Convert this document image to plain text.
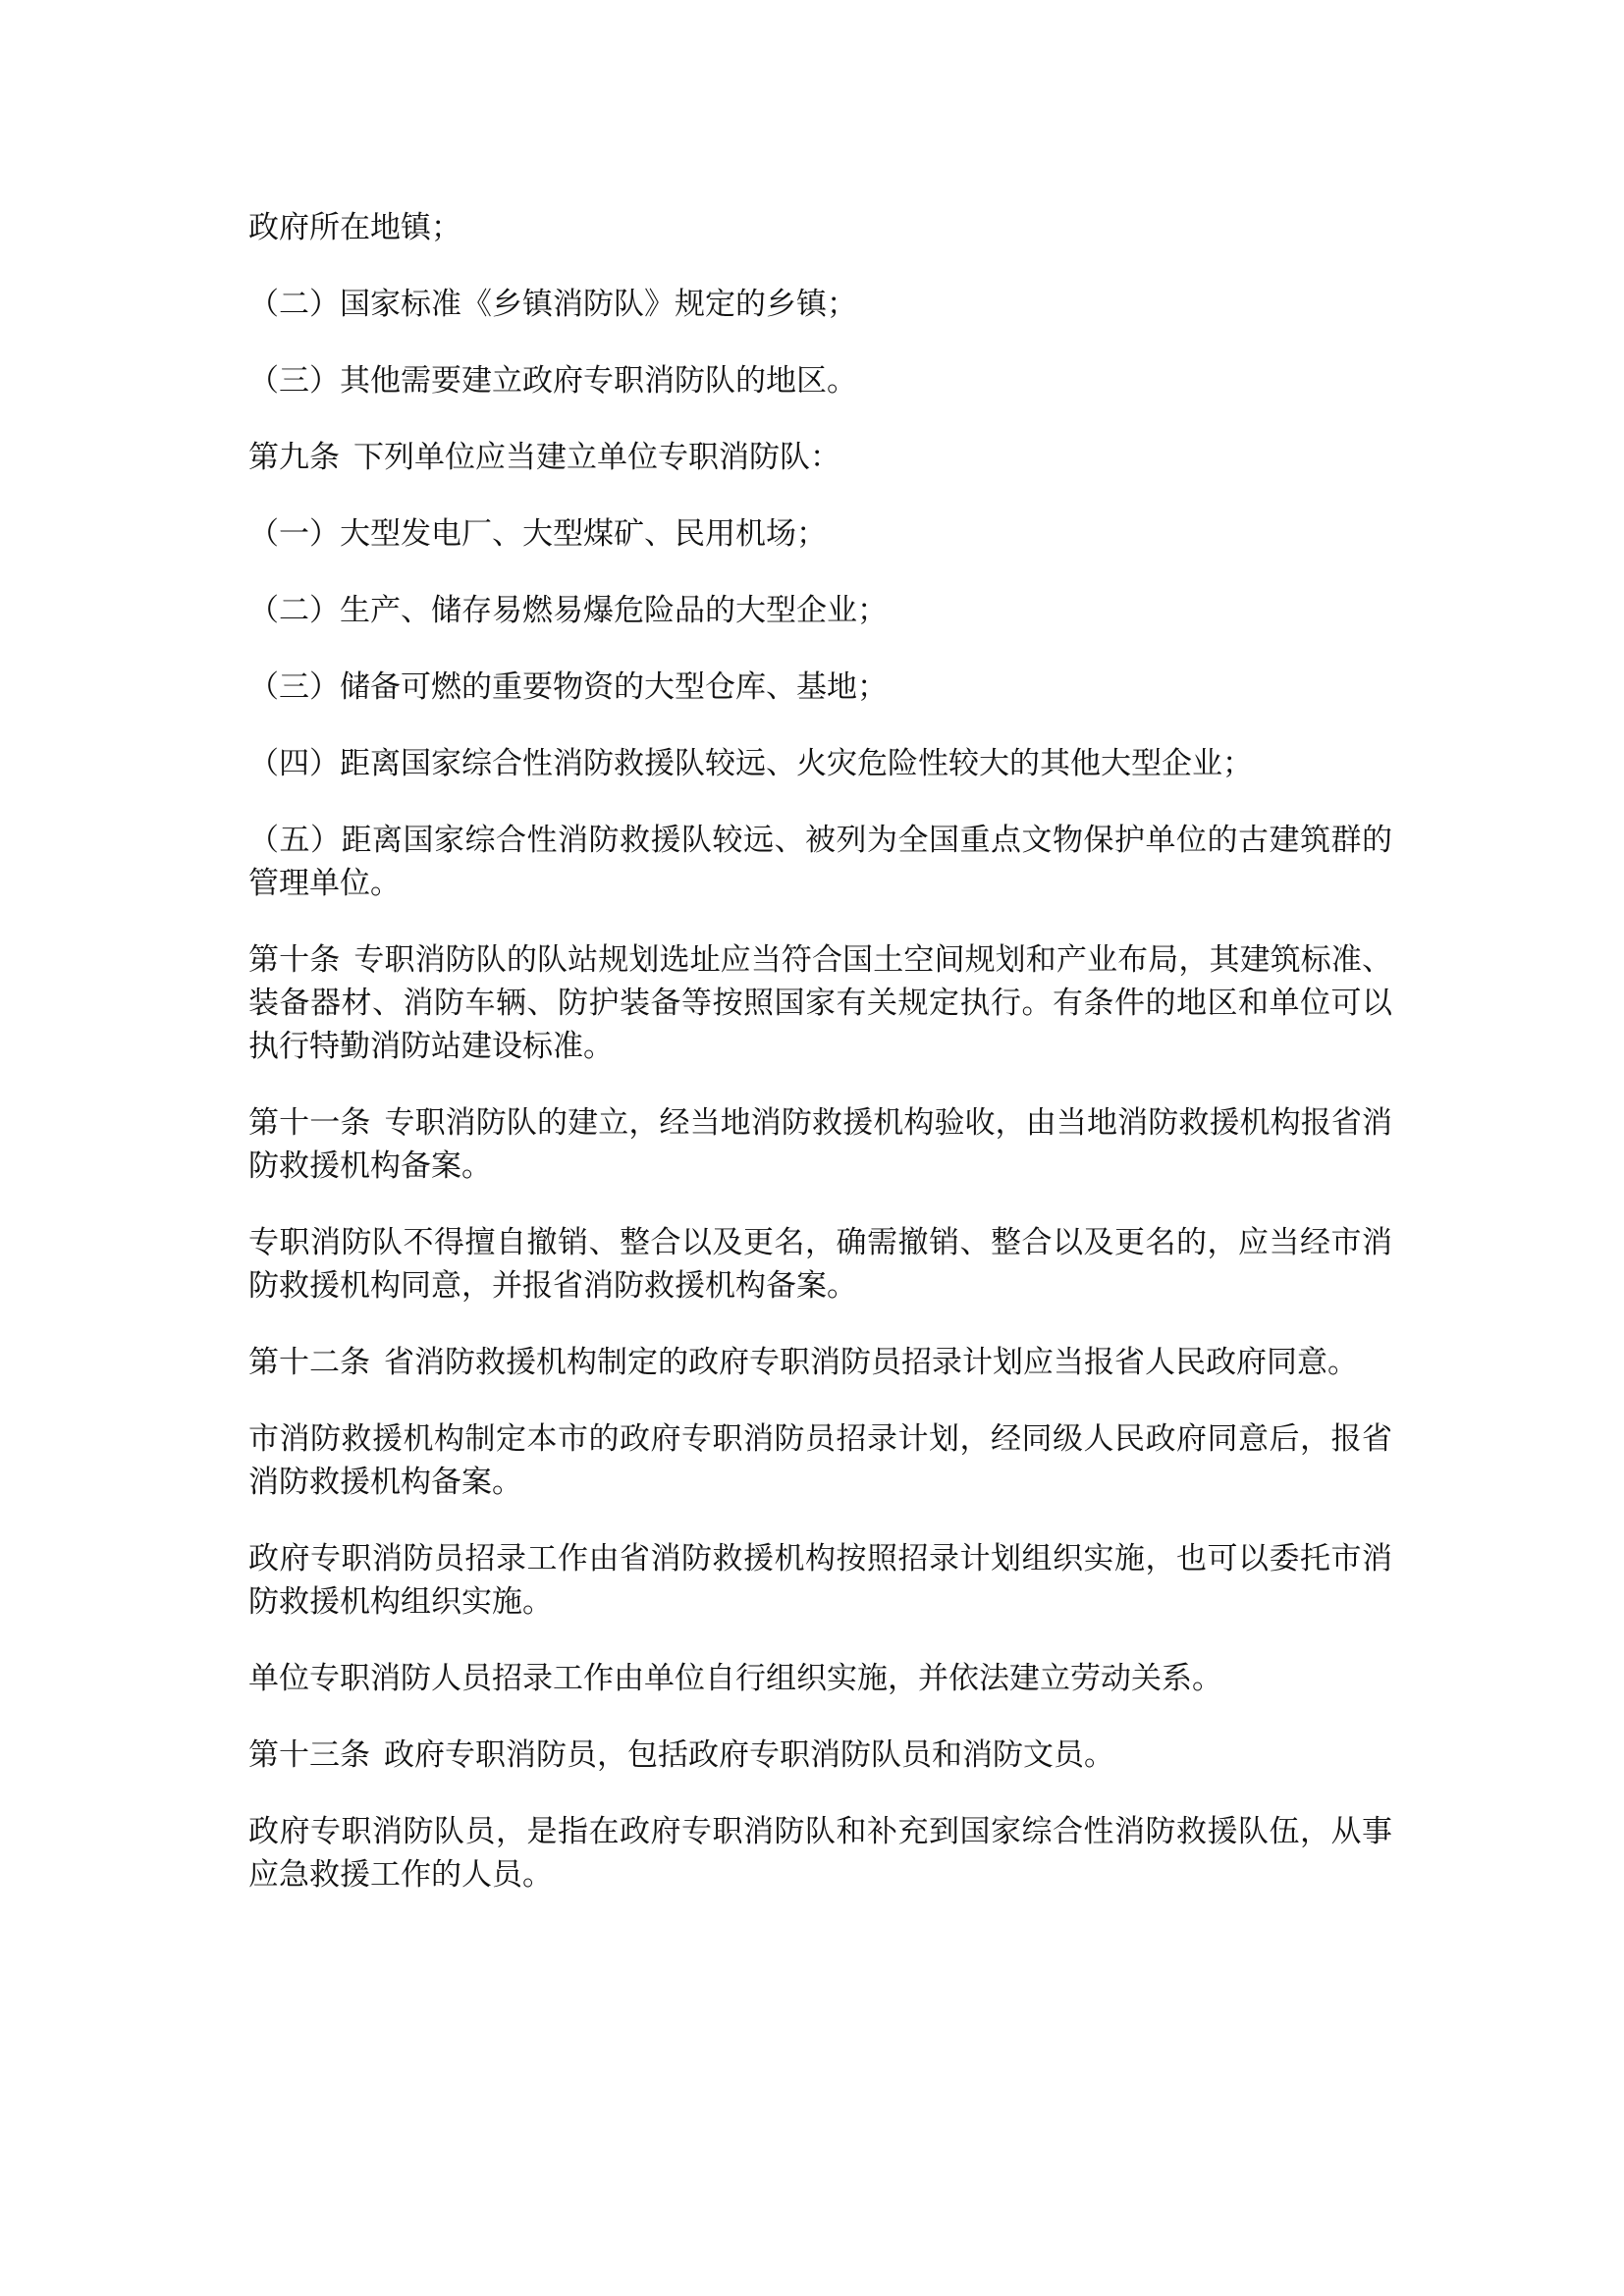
政府所在地镇；

（二）国家标准《乡镇消防队》规定的乡镇；

（三）其他需要建立政府专职消防队的地区。

第九条 下列单位应当建立单位专职消防队：

（一）大型发电厂、大型煤矿、民用机场；

（二）生产、储存易燃易爆危险品的大型企业；

（三）储备可燃的重要物资的大型仓库、基地；

（四）距离国家综合性消防救援队较远、火灾危险性较大的其他大型企业；

（五）距离国家综合性消防救援队较远、被列为全国重点文物保护单位的古建筑群的管理单位。

第十条 专职消防队的队站规划选址应当符合国土空间规划和产业布局，其建筑标准、装备器材、消防车辆、防护装备等按照国家有关规定执行。有条件的地区和单位可以执行特勤消防站建设标准。

第十一条 专职消防队的建立，经当地消防救援机构验收，由当地消防救援机构报省消防救援机构备案。

专职消防队不得擅自撤销、整合以及更名，确需撤销、整合以及更名的，应当经市消防救援机构同意，并报省消防救援机构备案。

第十二条 省消防救援机构制定的政府专职消防员招录计划应当报省人民政府同意。

市消防救援机构制定本市的政府专职消防员招录计划，经同级人民政府同意后，报省消防救援机构备案。

政府专职消防员招录工作由省消防救援机构按照招录计划组织实施，也可以委托市消防救援机构组织实施。

单位专职消防人员招录工作由单位自行组织实施，并依法建立劳动关系。

第十三条 政府专职消防员，包括政府专职消防队员和消防文员。

政府专职消防队员，是指在政府专职消防队和补充到国家综合性消防救援队伍，从事应急救援工作的人员。
